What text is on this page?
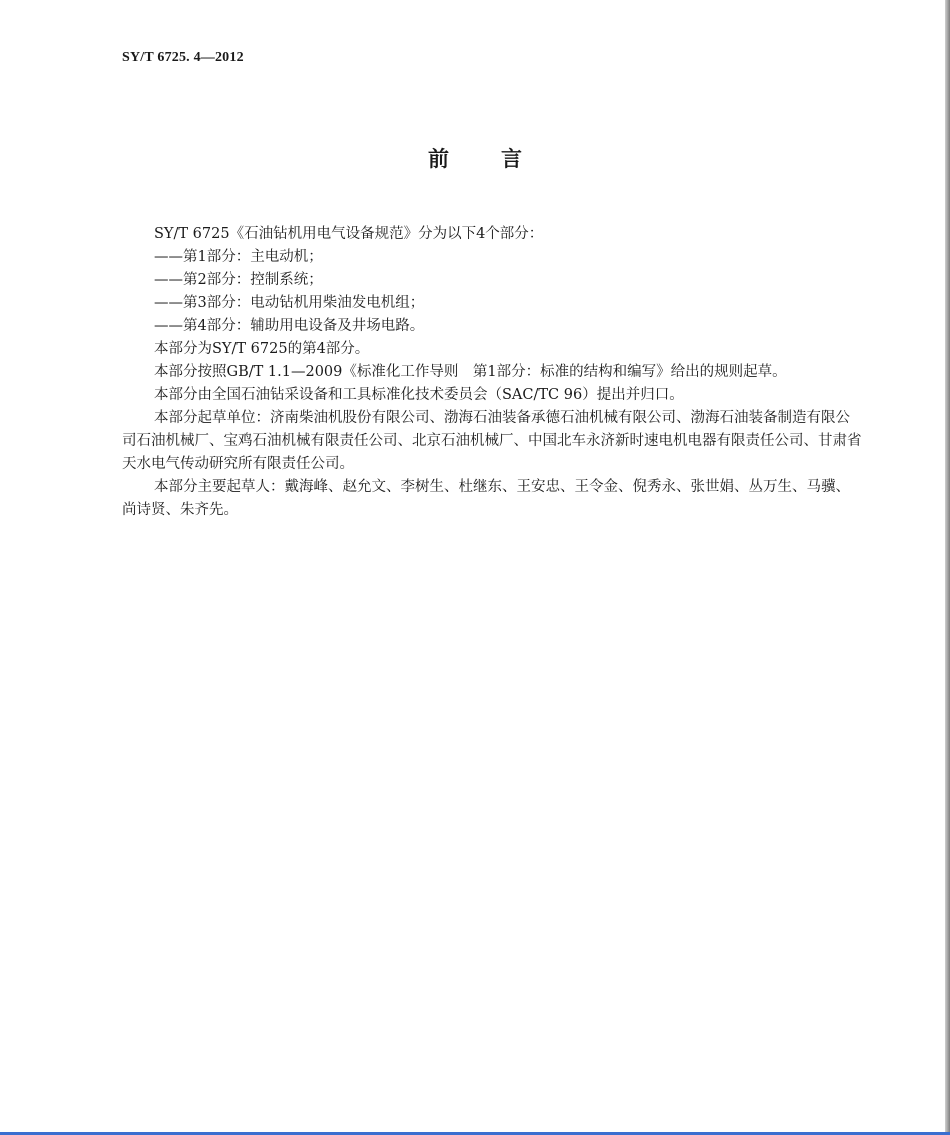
SY/T 6725. 4—2012
前言

SY/T 6725《石油钻机用电气设备规范》分为以下4个部分：

——第1部分：主电动机；

——第2部分：控制系统；

——第3部分：电动钻机用柴油发电机组；

——第4部分：辅助用电设备及井场电路。

本部分为SY/T 6725的第4部分。

本部分按照GB/T 1.1—2009《标准化工作导则　第1部分：标准的结构和编写》给出的规则起草。

本部分由全国石油钻采设备和工具标准化技术委员会（SAC/TC 96）提出并归口。

本部分起草单位：济南柴油机股份有限公司、渤海石油装备承德石油机械有限公司、渤海石油装备制造有限公司石油机械厂、宝鸡石油机械有限责任公司、北京石油机械厂、中国北车永济新时速电机电器有限责任公司、甘肃省天水电气传动研究所有限责任公司。

本部分主要起草人：戴海峰、赵允文、李树生、杜继东、王安忠、王令金、倪秀永、张世娟、丛万生、马骥、尚诗贤、朱齐先。
